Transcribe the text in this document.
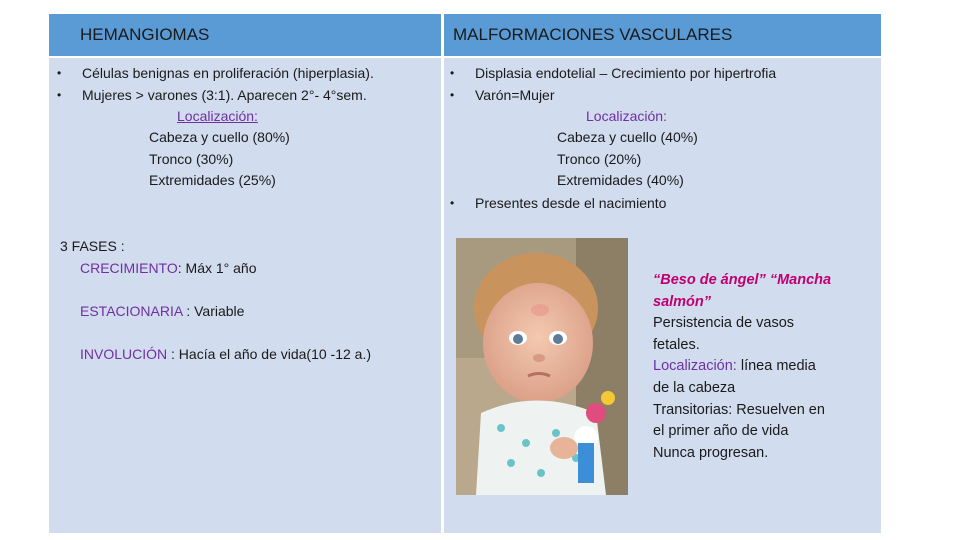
HEMANGIOMAS	MALFORMACIONES VASCULARES
• Células benignas en proliferación (hiperplasia).
• Mujeres > varones (3:1). Aparecen 2°- 4°sem.
Localización:
Cabeza y cuello (80%)
Tronco (30%)
Extremidades (25%)
3 FASES :
CRECIMIENTO: Máx 1° año
ESTACIONARIA : Variable
INVOLUCIÓN : Hacía el año de vida(10 -12 a.)
• Displasia endotelial – Crecimiento por hipertrofia
• Varón=Mujer
Localización:
Cabeza y cuello (40%)
Tronco (20%)
Extremidades (40%)
• Presentes desde el nacimiento
“Beso de ángel” “Mancha
salmón”
Persistencia de vasos
fetales.
Localización: línea media
de la cabeza
Transitorias: Resuelven en
el primer año de vida
Nunca progresan.
